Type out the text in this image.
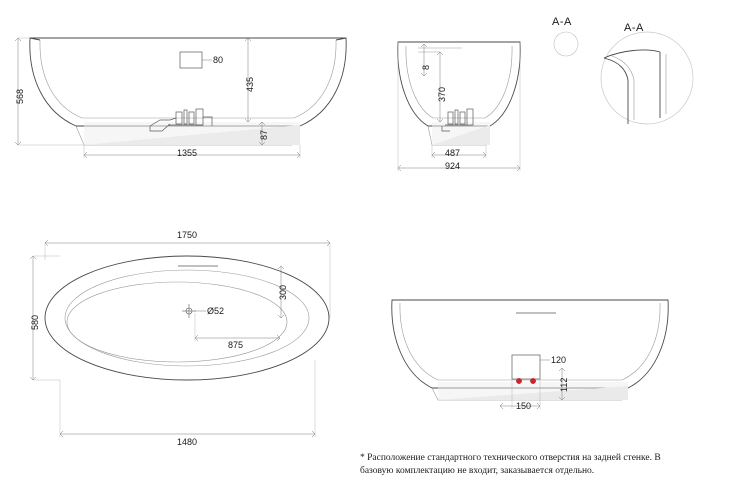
568
435
87
1355
80
8
370
487
924
A-A	A-A
1750
580
300
Ø52
875
1480
120
112
150
* Расположение стандартного технического отверстия на задней стенке. В базовую комплектацию не входит, заказывается отдельно.
